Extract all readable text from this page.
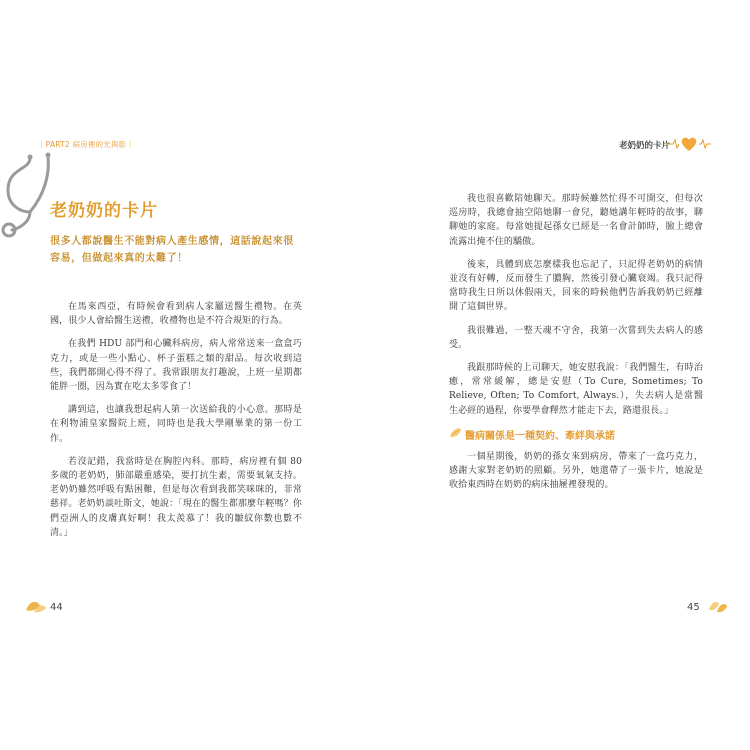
｜PART2 病房裡的光與影｜
老奶奶的卡片
很多人都說醫生不能對病人產生感情，這話說起來很容易，但做起來真的太難了！

在馬來西亞，有時候會看到病人家屬送醫生禮物。在英國，很少人會給醫生送禮，收禮物也是不符合規矩的行為。

在我們 HDU 部門和心臟科病房，病人常常送來一盒盒巧克力，或是一些小點心、杯子蛋糕之類的甜品。每次收到這些，我們都開心得不得了。我常跟朋友打趣說，上班一星期都能胖一圈，因為實在吃太多零食了！

講到這，也讓我想起病人第一次送給我的小心意。那時是在利物浦皇家醫院上班，同時也是我大學剛畢業的第一份工作。

若沒記錯，我當時是在胸腔內科。那時，病房裡有個 80 多歲的老奶奶，肺部嚴重感染，要打抗生素，需要氧氣支持。老奶奶雖然呼吸有點困難，但是每次看到我都笑咪咪的，非常慈祥。老奶奶談吐斯文，她說：「現在的醫生都那麼年輕嗎？你們亞洲人的皮膚真好啊！我太羨慕了！我的皺紋你數也數不清。」

44
老奶奶的卡片

我也很喜歡陪她聊天。那時候雖然忙得不可開交，但每次巡房時，我總會抽空陪她聊一會兒，聽她講年輕時的故事，聊聊她的家庭。每當她提起孫女已經是一名會計師時，臉上總會流露出掩不住的驕傲。

後來，具體到底怎麼樣我也忘記了，只記得老奶奶的病情並沒有好轉，反而發生了膿胸，然後引發心臟衰竭。我只記得當時我生日所以休假兩天，回來的時候他們告訴我奶奶已經離開了這個世界。

我很難過，一整天魂不守舍，我第一次嘗到失去病人的感受。

我跟那時候的上司聊天，她安慰我說：「我們醫生，有時治癒，常常緩解，總是安慰（To Cure, Sometimes; To Relieve, Often; To Comfort, Always.），失去病人是當醫生必經的過程，你要學會釋然才能走下去，路還很長。」

醫病關係是一種契約、牽絆與承諾

一個星期後，奶奶的孫女來到病房，帶來了一盒巧克力，感謝大家對老奶奶的照顧。另外，她還帶了一張卡片，她說是收拾東西時在奶奶的病床抽屜裡發現的。

45
